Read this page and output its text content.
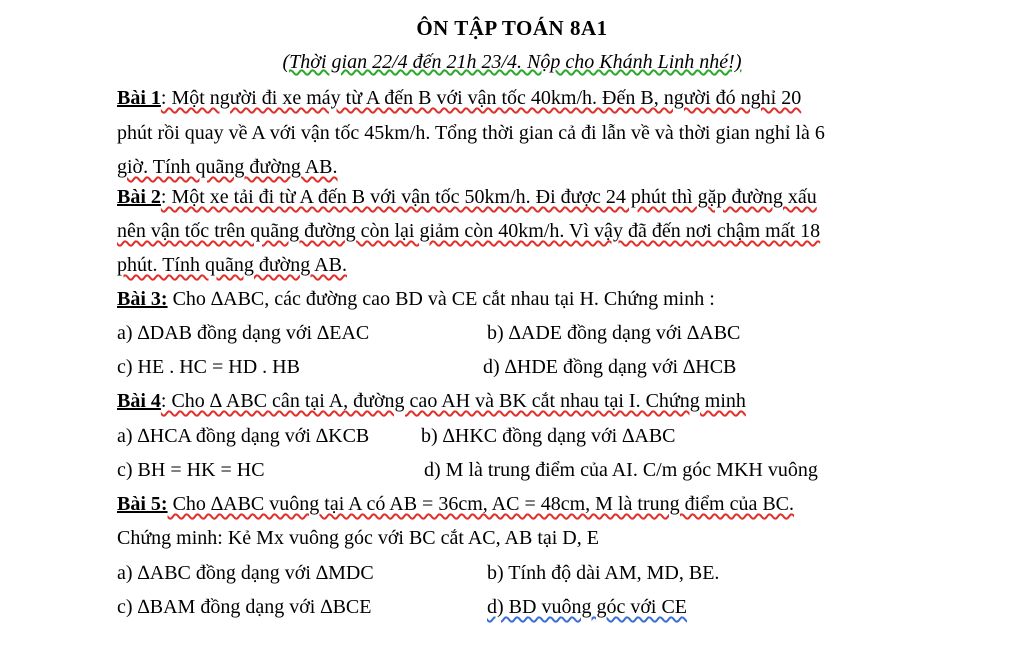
ÔN TẬP TOÁN 8A1
(Thời gian 22/4 đến 21h 23/4. Nộp cho Khánh Linh nhé!)
Bài 1: Một người đi xe máy từ A đến B với vận tốc 40km/h. Đến B, người đó nghỉ 20
phút rồi quay về A với vận tốc 45km/h. Tổng thời gian cả đi lẫn về và thời gian nghỉ là 6
giờ. Tính quãng đường AB.
Bài 2: Một xe tải đi từ A đến B với vận tốc 50km/h. Đi được 24 phút thì gặp đường xấu
nên vận tốc trên quãng đường còn lại giảm còn 40km/h. Vì vậy đã đến nơi chậm mất 18
phút. Tính quãng đường AB.
Bài 3: Cho ∆ABC, các đường cao BD và CE cắt nhau tại H. Chứng minh :
a) ∆DAB đồng dạng với ∆EAC	b) ∆ADE đồng dạng với ∆ABC
c) HE . HC = HD . HB	d) ∆HDE đồng dạng với ∆HCB
Bài 4: Cho ∆ ABC cân tại A, đường cao AH và BK cắt nhau tại I. Chứng minh
a) ∆HCA đồng dạng với ∆KCB	b) ∆HKC đồng dạng với ∆ABC
c) BH = HK = HC	d) M là trung điểm của AI. C/m góc MKH vuông
Bài 5: Cho ∆ABC vuông tại A có AB = 36cm, AC = 48cm, M là trung điểm của BC.
Chứng minh: Kẻ Mx vuông góc với BC cắt AC, AB tại D, E
a) ∆ABC đồng dạng với ∆MDC	b) Tính độ dài AM, MD, BE.
c) ∆BAM đồng dạng với ∆BCE	d) BD vuông góc với CE
